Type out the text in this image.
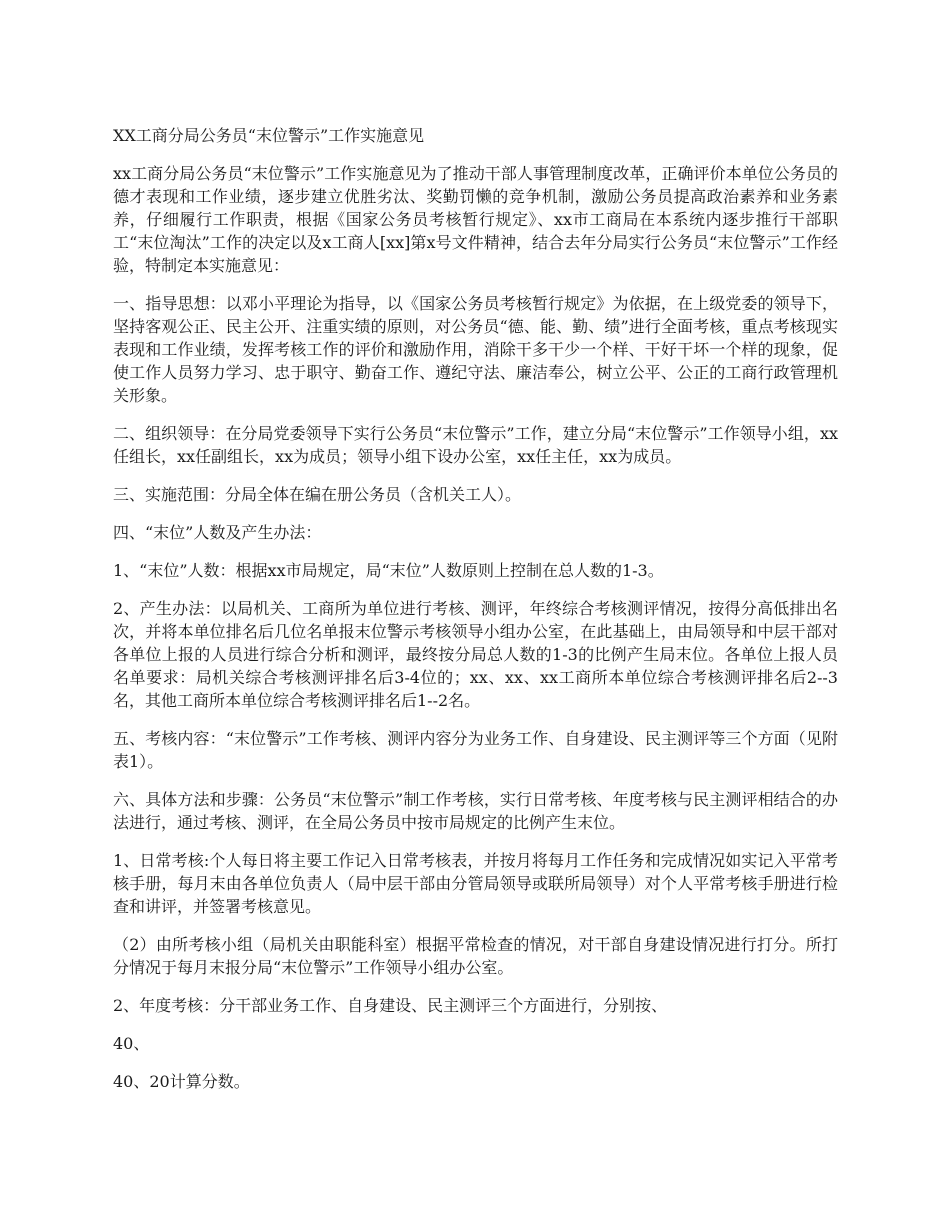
XX工商分局公务员“末位警示”工作实施意见

xx工商分局公务员“末位警示”工作实施意见为了推动干部人事管理制度改革，正确评价本单位公务员的德才表现和工作业绩，逐步建立优胜劣汰、奖勤罚懒的竞争机制，激励公务员提高政治素养和业务素养，仔细履行工作职责，根据《国家公务员考核暂行规定》、xx市工商局在本系统内逐步推行干部职工“末位淘汰”工作的决定以及x工商人[xx]第x号文件精神，结合去年分局实行公务员“末位警示”工作经验，特制定本实施意见：

一、指导思想：以邓小平理论为指导，以《国家公务员考核暂行规定》为依据，在上级党委的领导下，坚持客观公正、民主公开、注重实绩的原则，对公务员“德、能、勤、绩”进行全面考核，重点考核现实表现和工作业绩，发挥考核工作的评价和激励作用，消除干多干少一个样、干好干坏一个样的现象，促使工作人员努力学习、忠于职守、勤奋工作、遵纪守法、廉洁奉公，树立公平、公正的工商行政管理机关形象。

二、组织领导：在分局党委领导下实行公务员“末位警示”工作，建立分局“末位警示”工作领导小组，xx任组长，xx任副组长，xx为成员；领导小组下设办公室，xx任主任，xx为成员。

三、实施范围：分局全体在编在册公务员（含机关工人）。

四、“末位”人数及产生办法：

1、“末位”人数：根据xx市局规定，局“末位”人数原则上控制在总人数的1-3。

2、产生办法：以局机关、工商所为单位进行考核、测评，年终综合考核测评情况，按得分高低排出名次，并将本单位排名后几位名单报末位警示考核领导小组办公室，在此基础上，由局领导和中层干部对各单位上报的人员进行综合分析和测评，最终按分局总人数的1-3的比例产生局末位。各单位上报人员名单要求：局机关综合考核测评排名后3-4位的；xx、xx、xx工商所本单位综合考核测评排名后2--3名，其他工商所本单位综合考核测评排名后1--2名。

五、考核内容：“末位警示”工作考核、测评内容分为业务工作、自身建设、民主测评等三个方面（见附表1）。

六、具体方法和步骤：公务员“末位警示”制工作考核，实行日常考核、年度考核与民主测评相结合的办法进行，通过考核、测评，在全局公务员中按市局规定的比例产生末位。

1、日常考核:个人每日将主要工作记入日常考核表，并按月将每月工作任务和完成情况如实记入平常考核手册，每月末由各单位负责人（局中层干部由分管局领导或联所局领导）对个人平常考核手册进行检查和讲评，并签署考核意见。

（2）由所考核小组（局机关由职能科室）根据平常检查的情况，对干部自身建设情况进行打分。所打分情况于每月末报分局“末位警示”工作领导小组办公室。

2、年度考核：分干部业务工作、自身建设、民主测评三个方面进行，分别按、

40、

40、20计算分数。
